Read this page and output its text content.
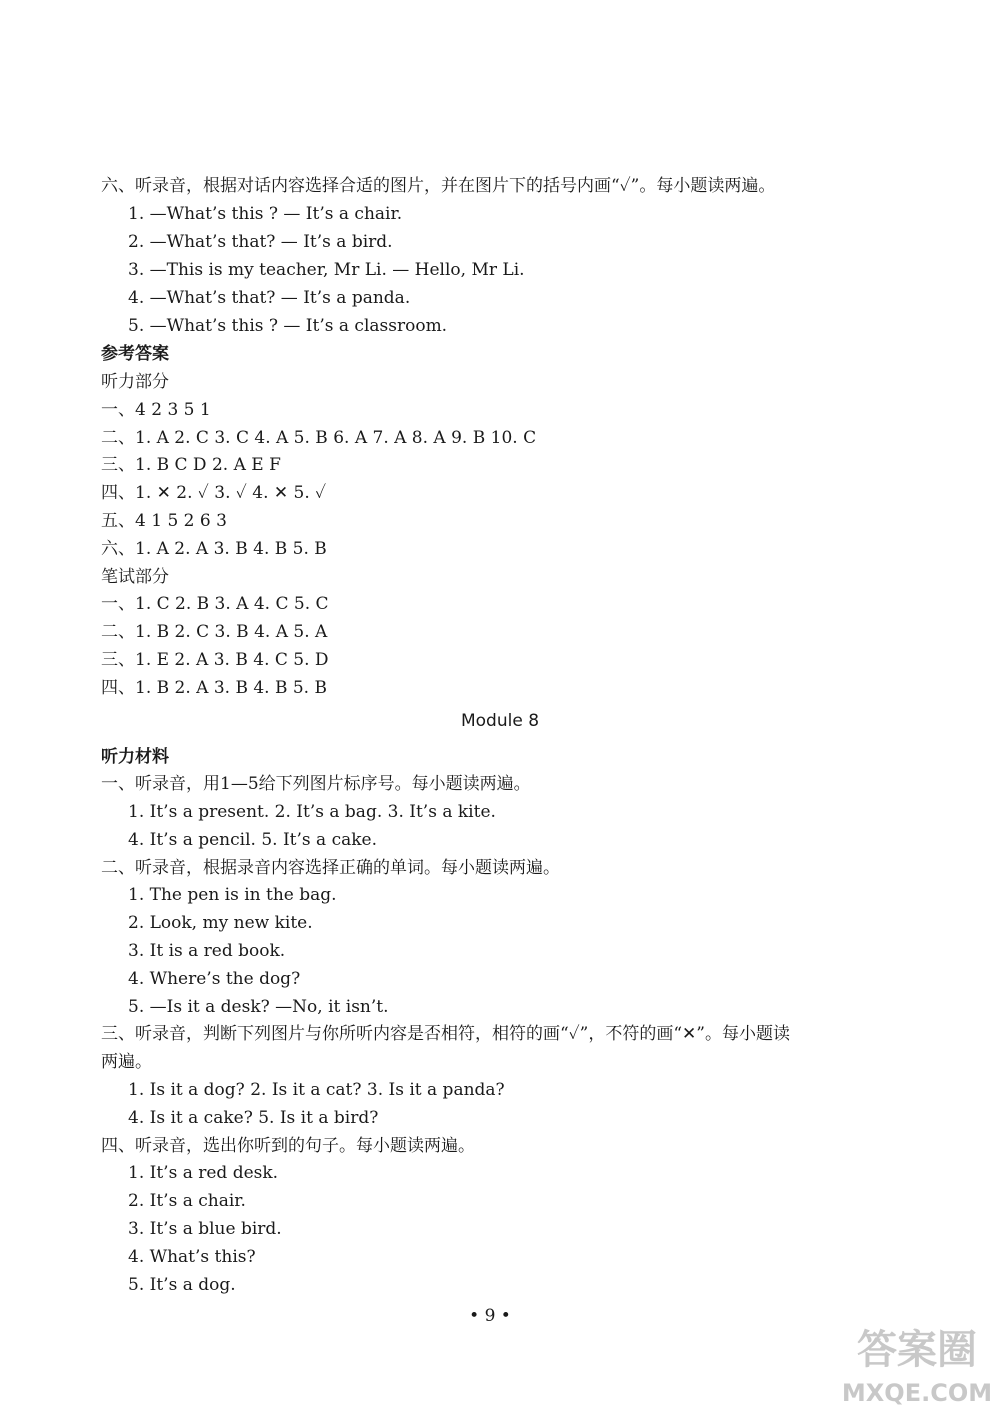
六、听录音，根据对话内容选择合适的图片，并在图片下的括号内画“✓”。每小题读两遍。
1. —What’s this ? — It’s a chair.
2. —What’s that? — It’s a bird.
3. —This is my teacher, Mr Li. — Hello, Mr Li.
4. —What’s that? — It’s a panda.
5. —What’s this ? — It’s a classroom.
参考答案
听力部分
一、4 2 3 5 1
二、1. A 2. C 3. C 4. A 5. B 6. A 7. A 8. A 9. B 10. C
三、1. B C D 2. A E F
四、1. ✕ 2. ✓ 3. ✓ 4. ✕ 5. ✓
五、4 1 5 2 6 3
六、1. A 2. A 3. B 4. B 5. B
笔试部分
一、1. C 2. B 3. A 4. C 5. C
二、1. B 2. C 3. B 4. A 5. A
三、1. E 2. A 3. B 4. C 5. D
四、1. B 2. A 3. B 4. B 5. B
Module 8
听力材料
一、听录音，用1—5给下列图片标序号。每小题读两遍。
1. It’s a present. 2. It’s a bag. 3. It’s a kite.
4. It’s a pencil. 5. It’s a cake.
二、听录音，根据录音内容选择正确的单词。每小题读两遍。
1. The pen is in the bag.
2. Look, my new kite.
3. It is a red book.
4. Where’s the dog?
5. —Is it a desk? —No, it isn’t.
三、听录音，判断下列图片与你所听内容是否相符，相符的画“✓”，不符的画“✕”。每小题读
两遍。
1. Is it a dog? 2. Is it a cat? 3. Is it a panda?
4. Is it a cake? 5. Is it a bird?
四、听录音，选出你听到的句子。每小题读两遍。
1. It’s a red desk.
2. It’s a chair.
3. It’s a blue bird.
4. What’s this?
5. It’s a dog.
• 9 •
答案圈
MXQE.COM
